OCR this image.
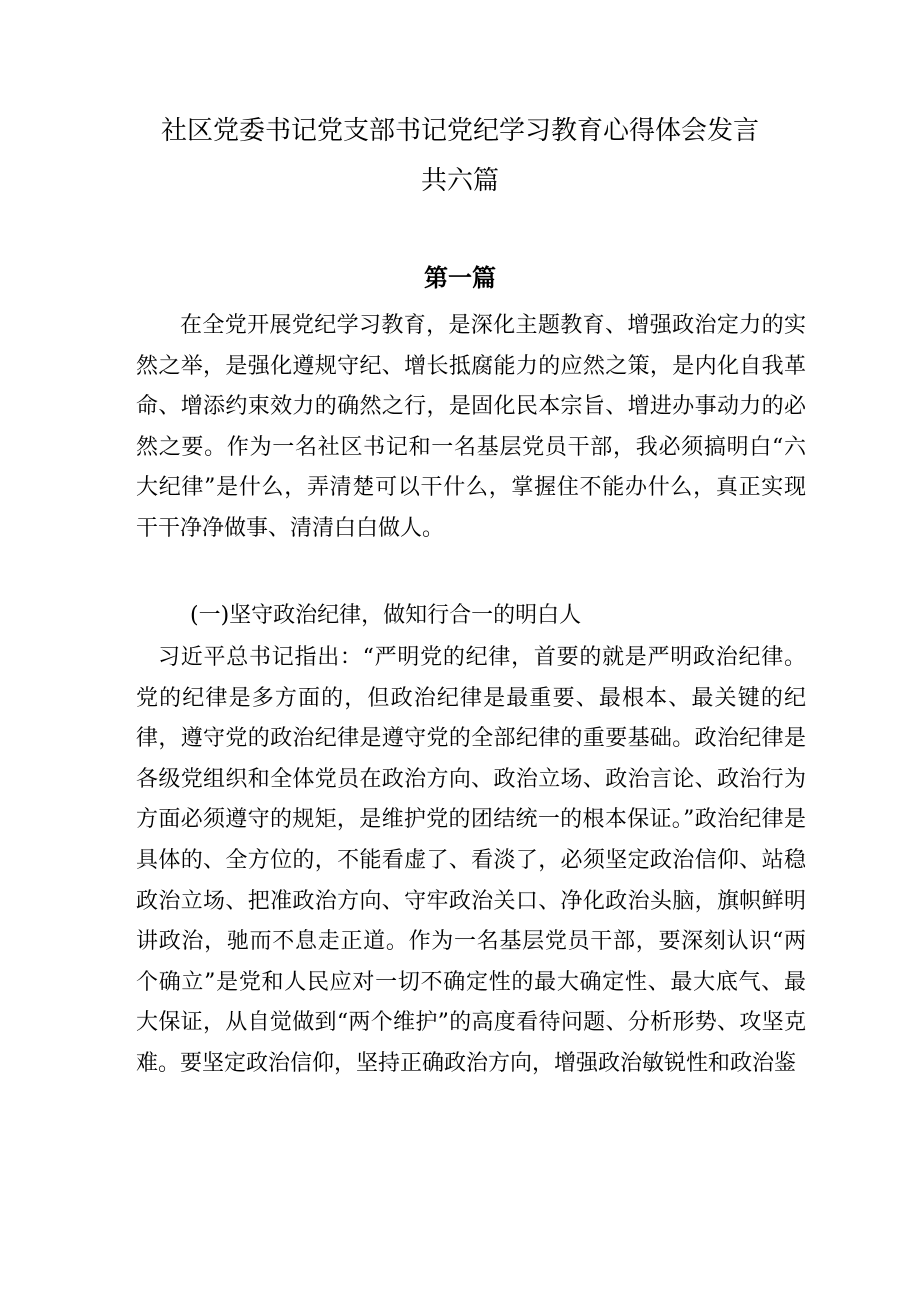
社区党委书记党支部书记党纪学习教育心得体会发言
共六篇
第一篇

在全党开展党纪学习教育，是深化主题教育、增强政治定力的实然之举，是强化遵规守纪、增长抵腐能力的应然之策，是内化自我革命、增添约束效力的确然之行，是固化民本宗旨、增进办事动力的必然之要。作为一名社区书记和一名基层党员干部，我必须搞明白“六大纪律”是什么，弄清楚可以干什么，掌握住不能办什么，真正实现干干净净做事、清清白白做人。

(一)坚守政治纪律，做知行合一的明白人

习近平总书记指出：“严明党的纪律，首要的就是严明政治纪律。党的纪律是多方面的，但政治纪律是最重要、最根本、最关键的纪律，遵守党的政治纪律是遵守党的全部纪律的重要基础。政治纪律是各级党组织和全体党员在政治方向、政治立场、政治言论、政治行为方面必须遵守的规矩，是维护党的团结统一的根本保证。”政治纪律是具体的、全方位的，不能看虚了、看淡了，必须坚定政治信仰、站稳政治立场、把准政治方向、守牢政治关口、净化政治头脑，旗帜鲜明讲政治，驰而不息走正道。作为一名基层党员干部，要深刻认识“两个确立”是党和人民应对一切不确定性的最大确定性、最大底气、最大保证，从自觉做到“两个维护”的高度看待问题、分析形势、攻坚克难。要坚定政治信仰，坚持正确政治方向，增强政治敏锐性和政治鉴
